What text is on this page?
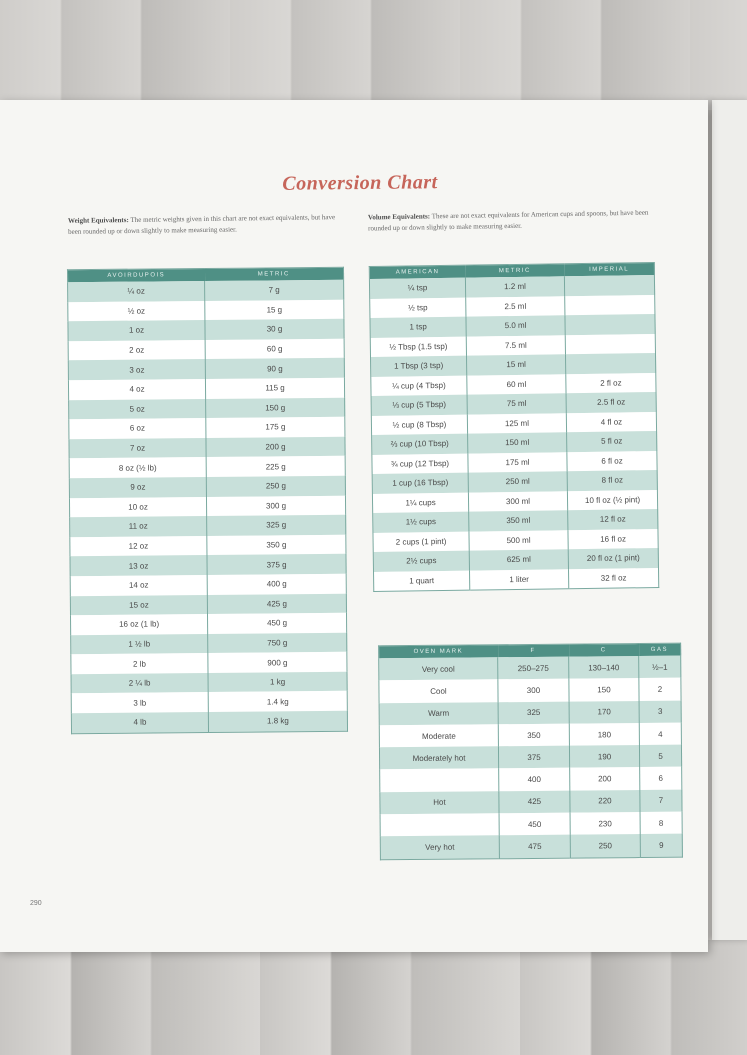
Conversion Chart
Weight Equivalents: The metric weights given in this chart are not exact equivalents, but have been rounded up or down slightly to make measuring easier.
Volume Equivalents: These are not exact equivalents for American cups and spoons, but have been rounded up or down slightly to make measuring easier.
AVOIRDUPOIS	METRIC
¼ oz	7 g
½ oz	15 g
1 oz	30 g
2 oz	60 g
3 oz	90 g
4 oz	115 g
5 oz	150 g
6 oz	175 g
7 oz	200 g
8 oz (½ lb)	225 g
9 oz	250 g
10 oz	300 g
11 oz	325 g
12 oz	350 g
13 oz	375 g
14 oz	400 g
15 oz	425 g
16 oz (1 lb)	450 g
1 ½ lb	750 g
2 lb	900 g
2 ¼ lb	1 kg
3 lb	1.4 kg
4 lb	1.8 kg
AMERICAN	METRIC	IMPERIAL
¼ tsp	1.2 ml	
½ tsp	2.5 ml	
1 tsp	5.0 ml	
½ Tbsp (1.5 tsp)	7.5 ml	
1 Tbsp (3 tsp)	15 ml	
¼ cup (4 Tbsp)	60 ml	2 fl oz
⅓ cup (5 Tbsp)	75 ml	2.5 fl oz
½ cup (8 Tbsp)	125 ml	4 fl oz
⅔ cup (10 Tbsp)	150 ml	5 fl oz
¾ cup (12 Tbsp)	175 ml	6 fl oz
1 cup (16 Tbsp)	250 ml	8 fl oz
1¼ cups	300 ml	10 fl oz (½ pint)
1½ cups	350 ml	12 fl oz
2 cups (1 pint)	500 ml	16 fl oz
2½ cups	625 ml	20 fl oz (1 pint)
1 quart	1 liter	32 fl oz
OVEN MARK	F	C	GAS
Very cool	250–275	130–140	½–1
Cool	300	150	2
Warm	325	170	3
Moderate	350	180	4
Moderately hot	375	190	5
	400	200	6
Hot	425	220	7
	450	230	8
Very hot	475	250	9
290
